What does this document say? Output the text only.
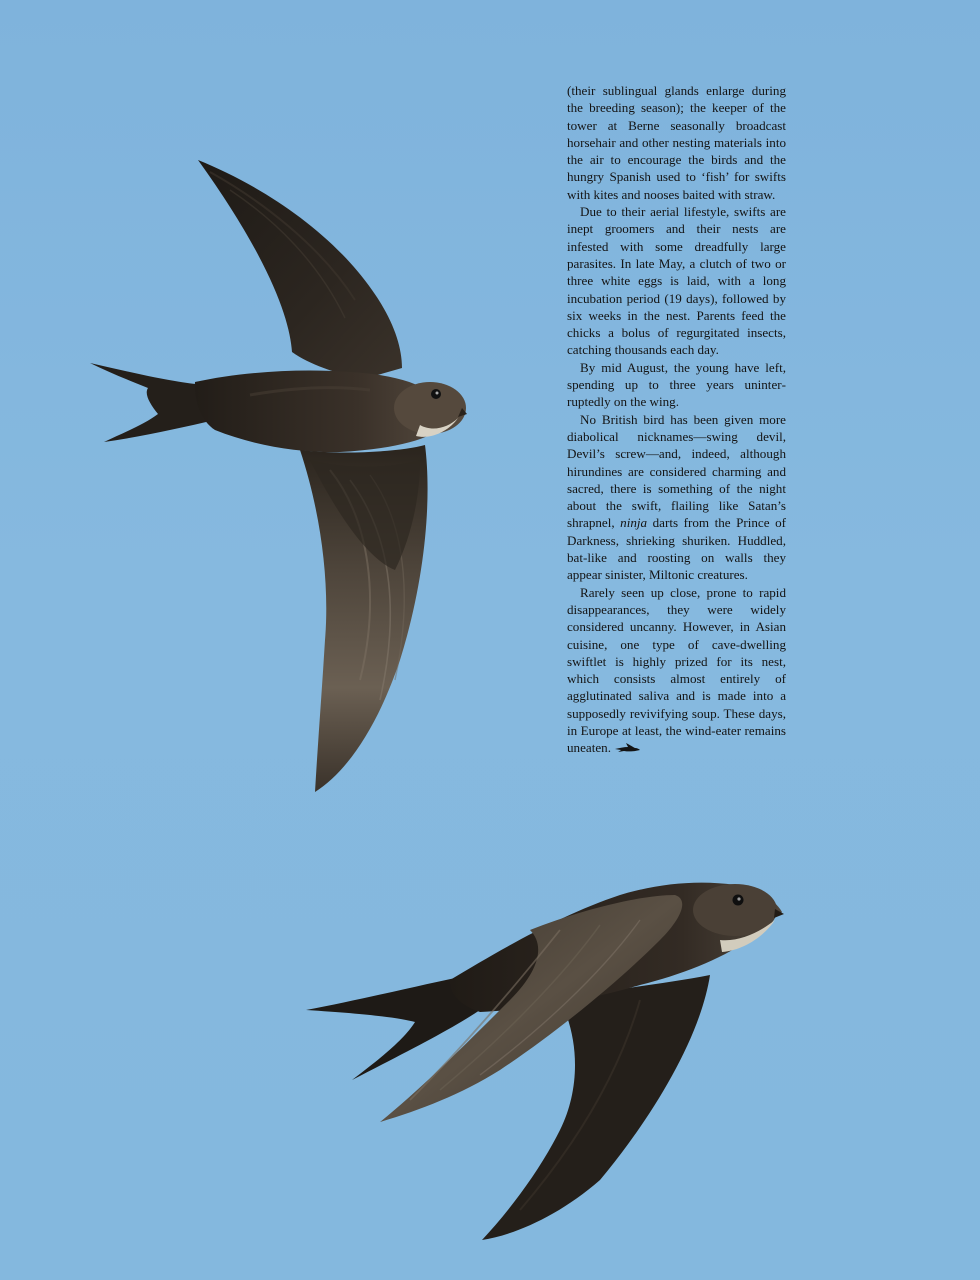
(their sublingual glands enlarge during the breeding season); the keeper of the tower at Berne seasonally broadcast horsehair and other nesting materials into the air to encourage the birds and the hungry Spanish used to ‘fish’ for swifts with kites and nooses baited with straw.

Due to their aerial lifestyle, swifts are inept groomers and their nests are infested with some dreadfully large parasites. In late May, a clutch of two or three white eggs is laid, with a long incubation period (19 days), followed by six weeks in the nest. Parents feed the chicks a bolus of regurgitated insects, catching thousands each day.

By mid August, the young have left, spending up to three years uninterruptedly on the wing.

No British bird has been given more diabolical nicknames—swing devil, Devil’s screw—and, indeed, although hirundines are considered charming and sacred, there is something of the night about the swift, flailing like Satan’s shrapnel, ninja darts from the Prince of Darkness, shrieking shuriken. Huddled, bat-like and roosting on walls they appear sinister, Miltonic creatures.

Rarely seen up close, prone to rapid disappearances, they were widely considered uncanny. However, in Asian cuisine, one type of cave-dwelling swiftlet is highly prized for its nest, which consists almost entirely of agglutinated saliva and is made into a supposedly revivifying soup. These days, in Europe at least, the wind-eater remains uneaten.
